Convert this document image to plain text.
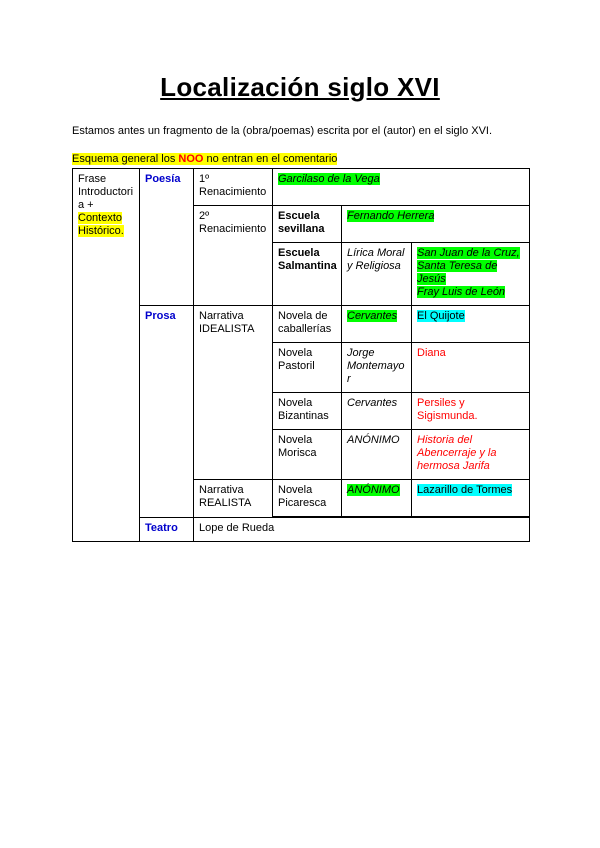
Localización siglo XVI
Estamos antes un fragmento de la (obra/poemas) escrita por el (autor) en el siglo XVI.
Esquema general los NOO no entran en el comentario
Frase Introductoria +
Contexto Histórico.	Poesía	1º Renacimiento	Garcilaso de la Vega		
		2º Renacimiento	Escuela sevillana	Fernando Herrera	
			Escuela Salmantina	Lírica Moral y Religiosa	San Juan de la Cruz,
Santa Teresa de Jesús
Fray Luis de León
	Prosa	Narrativa IDEALISTA	Novela de caballerías	Cervantes	El Quijote
			Novela Pastoril	Jorge Montemayor	Diana
			Novela Bizantinas	Cervantes	Persiles y Sigismunda.
			Novela Morisca	ANÓNIMO	Historia del Abencerraje y la hermosa Jarifa
		Narrativa REALISTA	Novela Picaresca	ANÓNIMO	Lazarillo de Tormes

	Teatro	Lope de Rueda			
